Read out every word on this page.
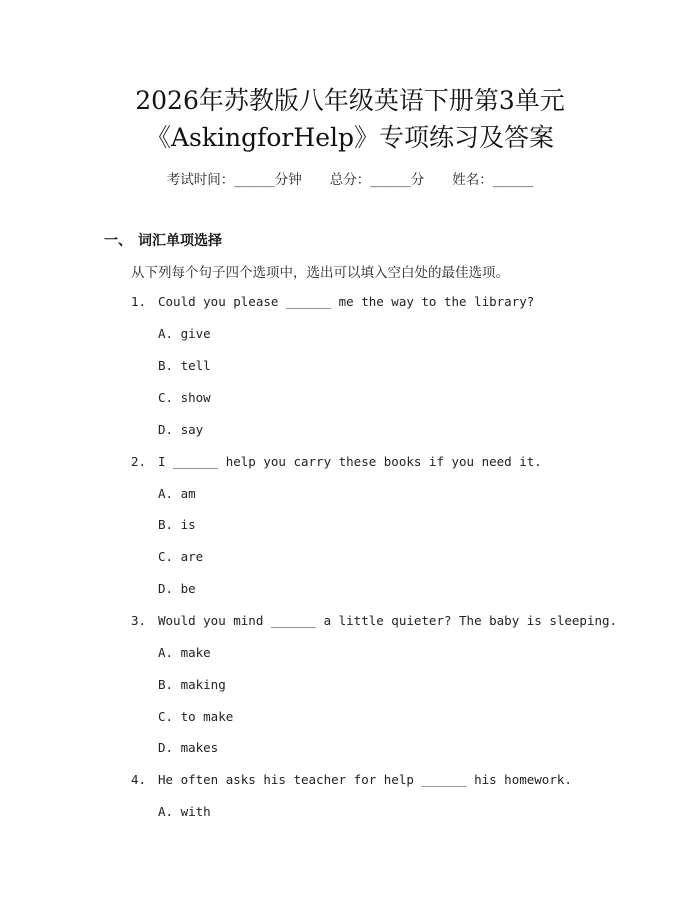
2026年苏教版八年级英语下册第3单元
《AskingforHelp》专项练习及答案
考试时间：______分钟 总分：______分 姓名：______
一、 词汇单项选择
从下列每个句子四个选项中，选出可以填入空白处的最佳选项。
1. Could you please ______ me the way to the library?
A. give
B. tell
C. show
D. say
2. I ______ help you carry these books if you need it.
A. am
B. is
C. are
D. be
3. Would you mind ______ a little quieter? The baby is sleeping.
A. make
B. making
C. to make
D. makes
4. He often asks his teacher for help ______ his homework.
A. with
